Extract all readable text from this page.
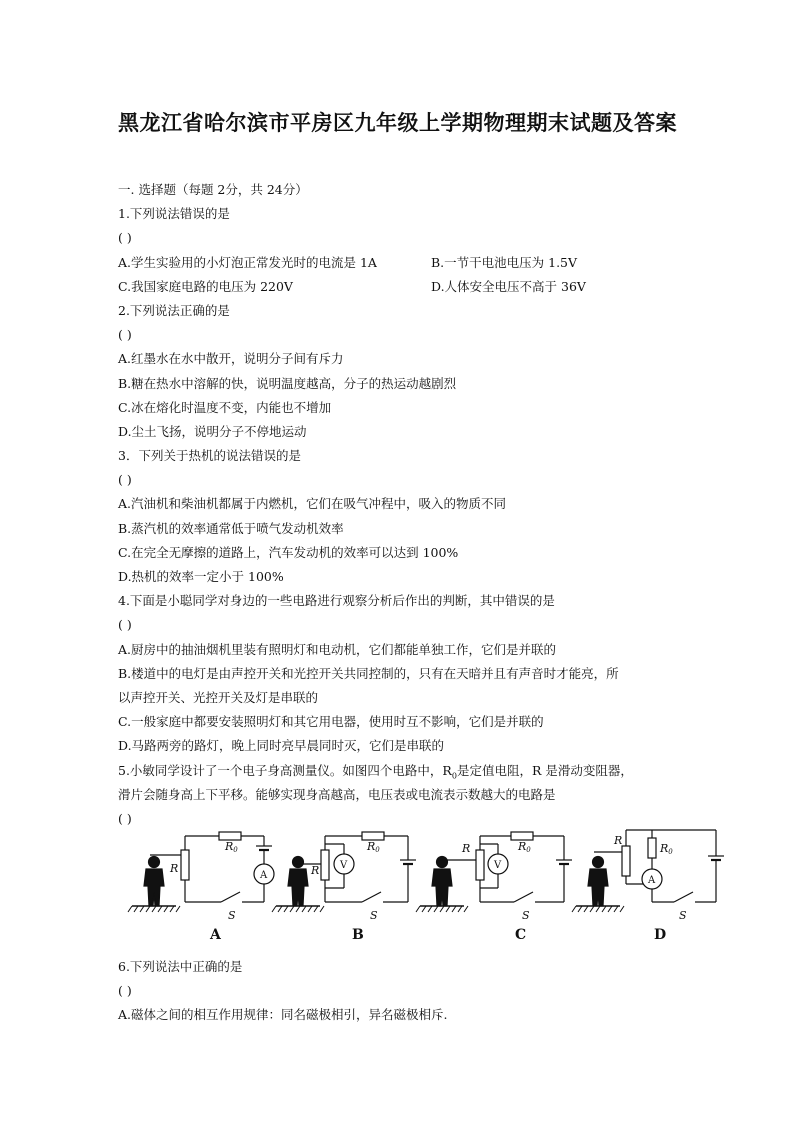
黑龙江省哈尔滨市平房区九年级上学期物理期末试题及答案
一. 选择题（每题 2分，共 24分）
1.下列说法错误的是
( )
A.学生实验用的小灯泡正常发光时的电流是 1A	B.一节干电池电压为 1.5V
C.我国家庭电路的电压为 220V	D.人体安全电压不高于 36V
2.下列说法正确的是
( )
A.红墨水在水中散开，说明分子间有斥力
B.糖在热水中溶解的快，说明温度越高，分子的热运动越剧烈
C.冰在熔化时温度不变，内能也不增加
D.尘土飞扬，说明分子不停地运动
3．下列关于热机的说法错误的是
( )
A.汽油机和柴油机都属于内燃机，它们在吸气冲程中，吸入的物质不同
B.蒸汽机的效率通常低于喷气发动机效率
C.在完全无摩擦的道路上，汽车发动机的效率可以达到 100%
D.热机的效率一定小于 100%
4.下面是小聪同学对身边的一些电路进行观察分析后作出的判断，其中错误的是
( )
A.厨房中的抽油烟机里装有照明灯和电动机，它们都能单独工作，它们是并联的
B.楼道中的电灯是由声控开关和光控开关共同控制的，只有在天暗并且有声音时才能亮，所
以声控开关、光控开关及灯是串联的
C.一般家庭中都要安装照明灯和其它用电器，使用时互不影响，它们是并联的
D.马路两旁的路灯，晚上同时亮早晨同时灭，它们是串联的
5.小敏同学设计了一个电子身高测量仪。如图四个电路中，$R_0$是定值电阻，R 是滑动变阻器，
滑片会随身高上下平移。能够实现身高越高，电压表或电流表示数越大的电路是
( )
6.下列说法中正确的是
( )
A.磁体之间的相互作用规律：同名磁极相引，异名磁极相斥.
R0
R
A
S
A
R0
R V
S
B
R0
R
V
S
C
R0
R
A
S
D
